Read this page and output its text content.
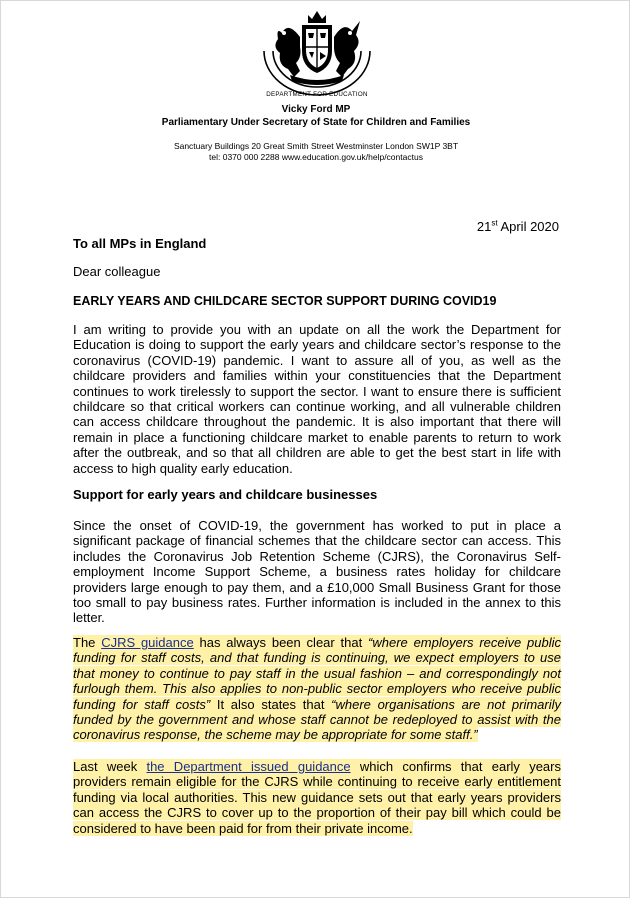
DEPARTMENT FOR EDUCATION
Vicky Ford MP
Parliamentary Under Secretary of State for Children and Families
Sanctuary Buildings 20 Great Smith Street Westminster London SW1P 3BT
tel: 0370 000 2288 www.education.gov.uk/help/contactus
21st April 2020
To all MPs in England
Dear colleague
EARLY YEARS AND CHILDCARE SECTOR SUPPORT DURING COVID19

I am writing to provide you with an update on all the work the Department for Education is doing to support the early years and childcare sector’s response to the coronavirus (COVID-19) pandemic. I want to assure all of you, as well as the childcare providers and families within your constituencies that the Department continues to work tirelessly to support the sector. I want to ensure there is sufficient childcare so that critical workers can continue working, and all vulnerable children can access childcare throughout the pandemic. It is also important that there will remain in place a functioning childcare market to enable parents to return to work after the outbreak, and so that all children are able to get the best start in life with access to high quality early education.

Support for early years and childcare businesses

Since the onset of COVID-19, the government has worked to put in place a significant package of financial schemes that the childcare sector can access. This includes the Coronavirus Job Retention Scheme (CJRS), the Coronavirus Self-employment Income Support Scheme, a business rates holiday for childcare providers large enough to pay them, and a £10,000 Small Business Grant for those too small to pay business rates. Further information is included in the annex to this letter.

The CJRS guidance has always been clear that “where employers receive public funding for staff costs, and that funding is continuing, we expect employers to use that money to continue to pay staff in the usual fashion – and correspondingly not furlough them. This also applies to non-public sector employers who receive public funding for staff costs” It also states that “where organisations are not primarily funded by the government and whose staff cannot be redeployed to assist with the coronavirus response, the scheme may be appropriate for some staff.”

Last week the Department issued guidance which confirms that early years providers remain eligible for the CJRS while continuing to receive early entitlement funding via local authorities. This new guidance sets out that early years providers can access the CJRS to cover up to the proportion of their pay bill which could be considered to have been paid for from their private income.
